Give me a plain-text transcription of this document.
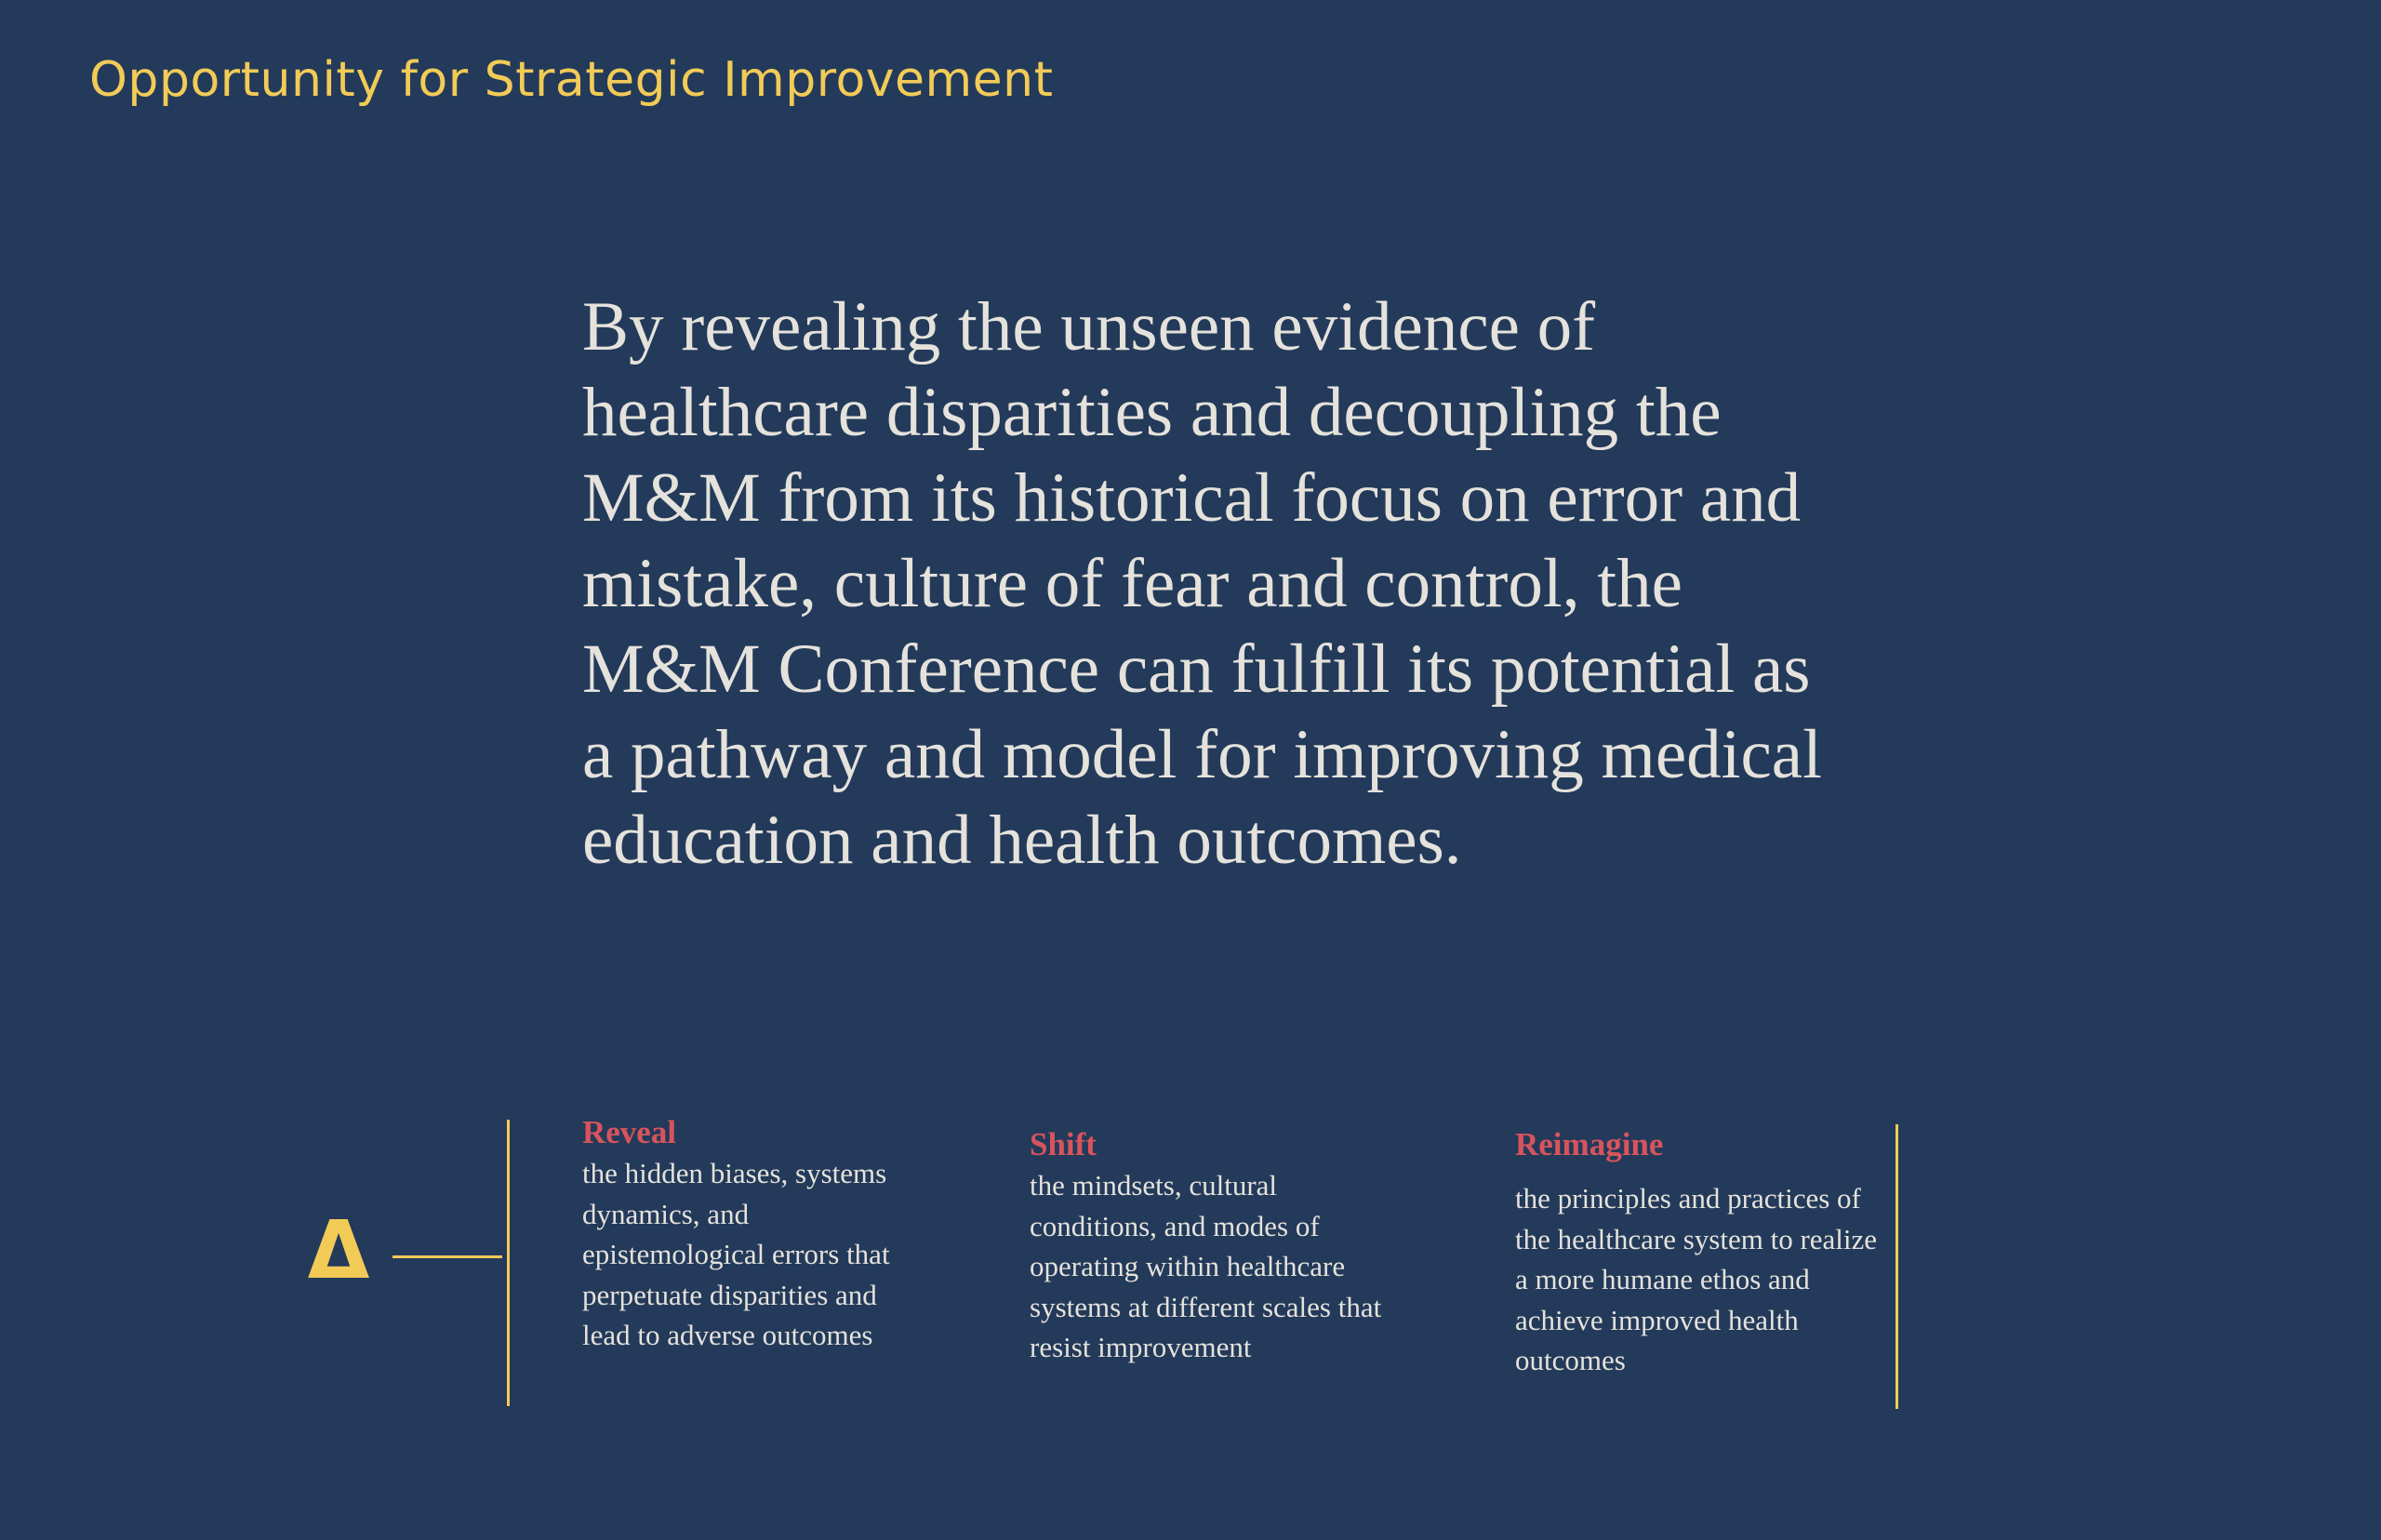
Opportunity for Strategic Improvement

By revealing the unseen evidence of healthcare disparities and decoupling the M&M from its historical focus on error and mistake, culture of fear and control, the M&M Conference can fulfill its potential as a pathway and model for improving medical education and health outcomes.

Δ
Reveal
the hidden biases, systems dynamics, and epistemological errors that perpetuate disparities and lead to adverse outcomes
Shift
the mindsets, cultural conditions, and modes of operating within healthcare systems at different scales that resist improvement
Reimagine
the principles and practices of the healthcare system to realize a more humane ethos and achieve improved health outcomes
